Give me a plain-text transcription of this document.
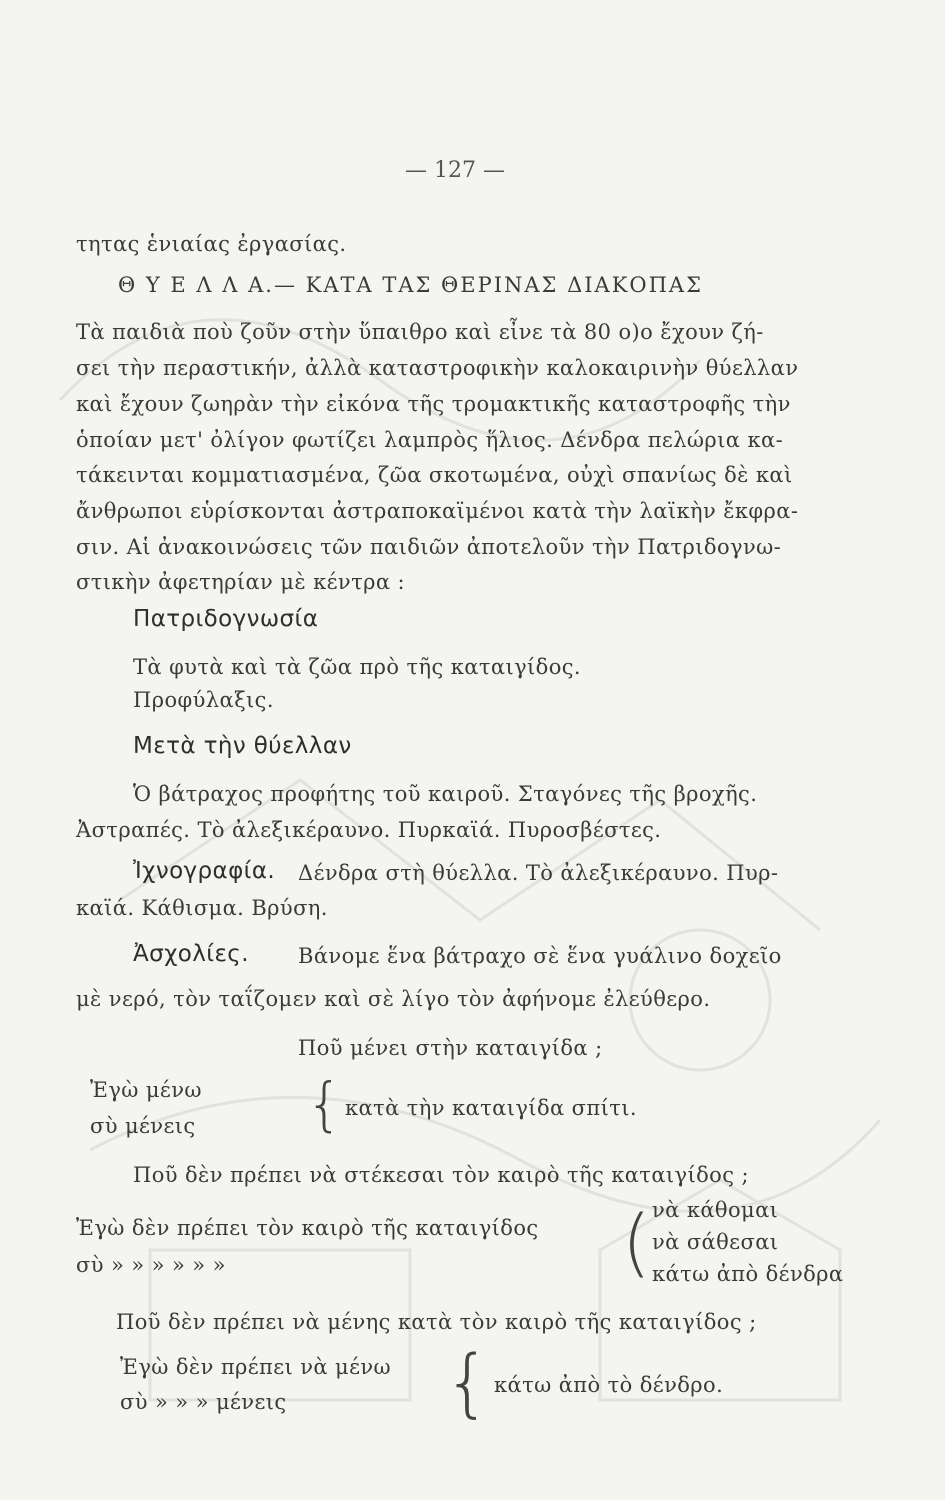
— 127 —
τητας ἑνιαίας ἐργασίας.
Θ Υ Ε Λ Λ Α.— ΚΑΤΑ ΤΑΣ ΘΕΡΙΝΑΣ ΔΙΑΚΟΠΑΣ
Τὰ παιδιὰ ποὺ ζοῦν στὴν ὕπαιθρο καὶ εἶνε τὰ 80 ο)ο ἔχουν ζή-
σει τὴν περαστικήν, ἀλλὰ καταστροφικὴν καλοκαιρινὴν θύελλαν
καὶ ἔχουν ζωηρὰν τὴν εἰκόνα τῆς τρομακτικῆς καταστροφῆς τὴν
ὁποίαν μετ' ὀλίγον φωτίζει λαμπρὸς ἥλιος. Δένδρα πελώρια κα-
τάκεινται κομματιασμένα, ζῶα σκοτωμένα, οὐχὶ σπανίως δὲ καὶ
ἄνθρωποι εὑρίσκονται ἀστραποκαϊμένοι κατὰ τὴν λαϊκὴν ἔκφρα-
σιν. Αἱ ἀνακοινώσεις τῶν παιδιῶν ἀποτελοῦν τὴν Πατριδογνω-
στικὴν ἀφετηρίαν μὲ κέντρα :
Πατριδογνωσία
Τὰ φυτὰ καὶ τὰ ζῶα πρὸ τῆς καταιγίδος.
Προφύλαξις.
Μετὰ τὴν θύελλαν
Ὁ βάτραχος προφήτης τοῦ καιροῦ. Σταγόνες τῆς βροχῆς.
Ἀστραπές. Τὸ ἀλεξικέραυνο. Πυρκαϊά. Πυροσβέστες.
Ἰχνογραφία. Δένδρα στὴ θύελλα. Τὸ ἀλεξικέραυνο. Πυρ-
καϊά. Κάθισμα. Βρύση.
Ἀσχολίες. Βάνομε ἕνα βάτραχο σὲ ἕνα γυάλινο δοχεῖο
μὲ νερό, τὸν ταΐζομεν καὶ σὲ λίγο τὸν ἀφήνομε ἐλεύθερο.
Ποῦ μένει στὴν καταιγίδα ;
Ἐγὼ μένω
σὺ μένεις { κατὰ τὴν καταιγίδα σπίτι.
Ποῦ δὲν πρέπει νὰ στέκεσαι τὸν καιρὸ τῆς καταιγίδος ;
Ἐγὼ δὲν πρέπει τὸν καιρὸ τῆς καταιγίδος
σὺ » » » » » »	( νὰ κάθομαι
νὰ σάθεσαι
κάτω ἀπὸ δένδρα
Ποῦ δὲν πρέπει νὰ μένης κατὰ τὸν καιρὸ τῆς καταιγίδος ;
Ἐγὼ δὲν πρέπει νὰ μένω
σὺ » » » μένεις { κάτω ἀπὸ τὸ δένδρο.
